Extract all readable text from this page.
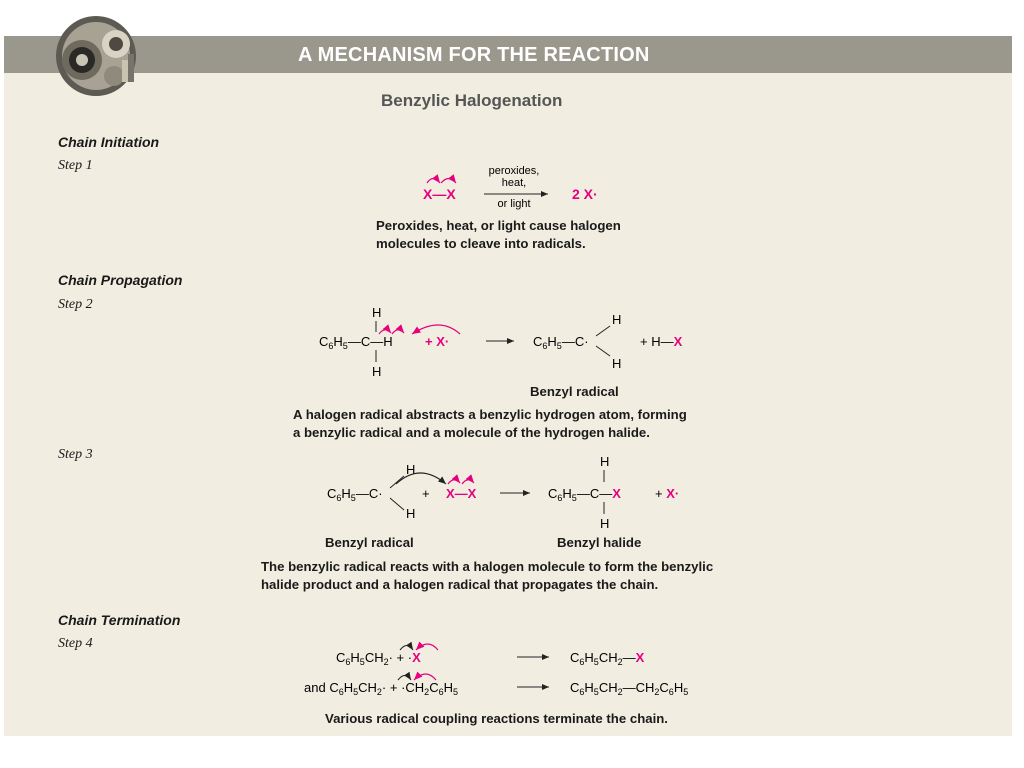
A MECHANISM FOR THE REACTION
Benzylic Halogenation
Chain Initiation
Step 1
Chain Propagation
Step 2
Step 3
Chain Termination
Step 4
Peroxides, heat, or light cause halogen
molecules to cleave into radicals.
Benzyl radical
A halogen radical abstracts a benzylic hydrogen atom, forming
a benzylic radical and a molecule of the hydrogen halide.
Benzyl radical	Benzyl halide
The benzylic radical reacts with a halogen molecule to form the benzylic
halide product and a halogen radical that propagates the chain.
Various radical coupling reactions terminate the chain.
X—X
peroxides,
heat,
or light
2 X·
H
$C_6H_5—C—H$
H
+ X·	$C_6H_5—C\cdot$
H
H
+ H—X
$C_6H_5—C\cdot$
H
H
+ X—X
H
$C_6H_5—C—X$
H
+ X·
$C_6H_5CH_2\cdot + \cdot X$	$C_6H_5CH_2—X$
and $C_6H_5CH_2\cdot + \cdot CH_2C_6H_5$	$C_6H_5CH_2—CH_2C_6H_5$
